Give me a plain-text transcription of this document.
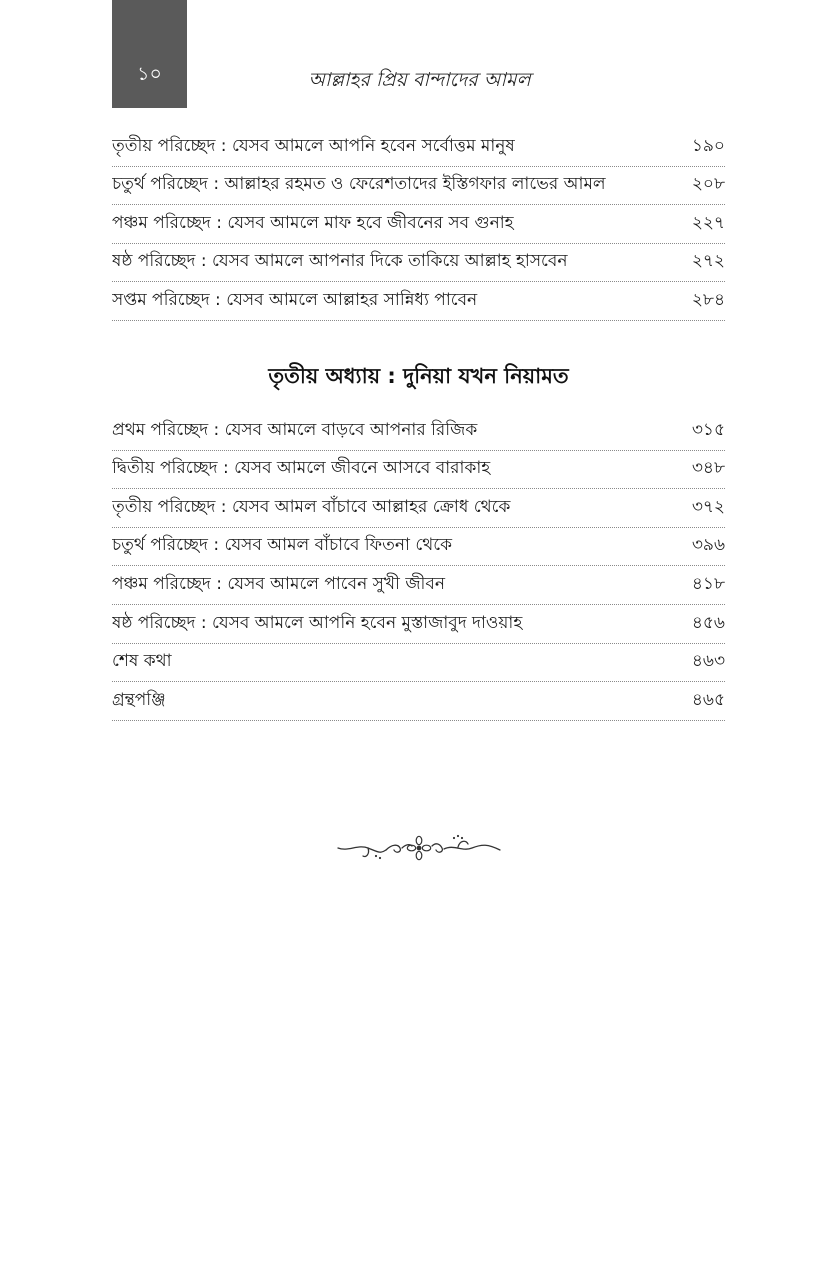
১০	আল্লাহর প্রিয় বান্দাদের আমল
তৃতীয় পরিচ্ছেদ : যেসব আমলে আপনি হবেন সর্বোত্তম মানুষ	১৯০
চতুর্থ পরিচ্ছেদ : আল্লাহর রহমত ও ফেরেশতাদের ইস্তিগফার লাভের আমল	২০৮
পঞ্চম পরিচ্ছেদ : যেসব আমলে মাফ হবে জীবনের সব গুনাহ	২২৭
ষষ্ঠ পরিচ্ছেদ : যেসব আমলে আপনার দিকে তাকিয়ে আল্লাহ হাসবেন	২৭২
সপ্তম পরিচ্ছেদ : যেসব আমলে আল্লাহর সান্নিধ্য পাবেন	২৮৪
তৃতীয় অধ্যায় : দুনিয়া যখন নিয়ামত
প্রথম পরিচ্ছেদ : যেসব আমলে বাড়বে আপনার রিজিক	৩১৫
দ্বিতীয় পরিচ্ছেদ : যেসব আমলে জীবনে আসবে বারাকাহ	৩৪৮
তৃতীয় পরিচ্ছেদ : যেসব আমল বাঁচাবে আল্লাহর ক্রোধ থেকে	৩৭২
চতুর্থ পরিচ্ছেদ : যেসব আমল বাঁচাবে ফিতনা থেকে	৩৯৬
পঞ্চম পরিচ্ছেদ : যেসব আমলে পাবেন সুখী জীবন	৪১৮
ষষ্ঠ পরিচ্ছেদ : যেসব আমলে আপনি হবেন মুস্তাজাবুদ দাওয়াহ	৪৫৬
শেষ কথা	৪৬৩
গ্রন্থপঞ্জি	৪৬৫
